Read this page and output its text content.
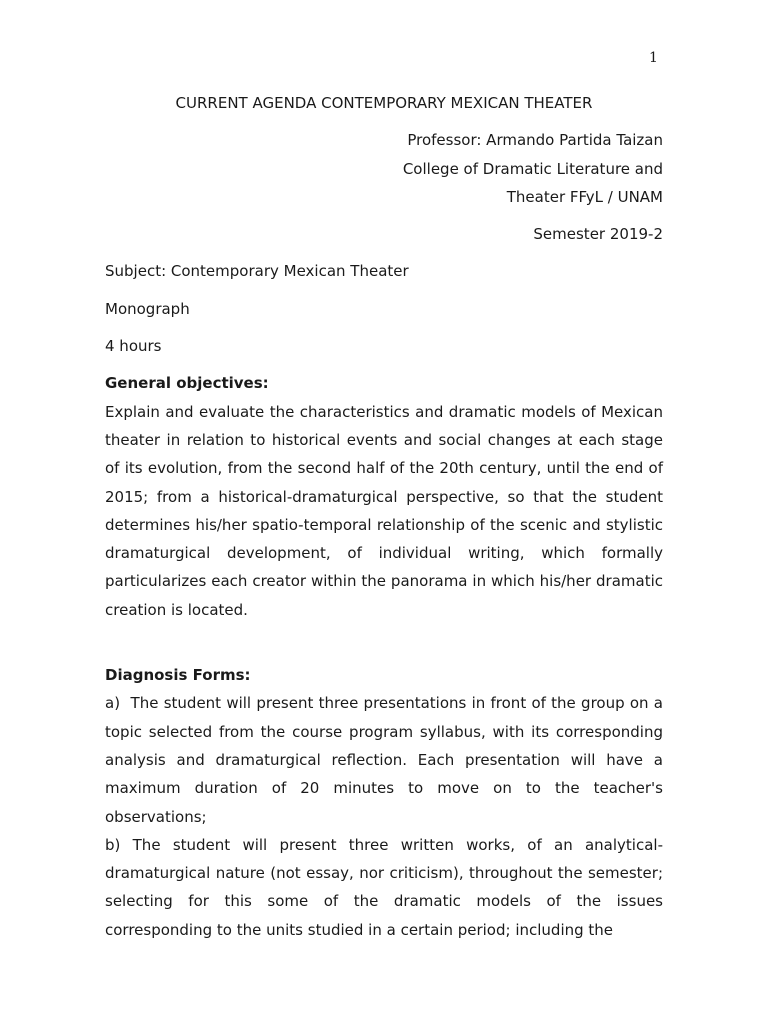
1

CURRENT AGENDA CONTEMPORARY MEXICAN THEATER

Professor: Armando Partida Taizan

College of Dramatic Literature and

Theater FFyL / UNAM

Semester 2019-2

Subject: Contemporary Mexican Theater

Monograph

4 hours

General objectives:

Explain and evaluate the characteristics and dramatic models of Mexican theater in relation to historical events and social changes at each stage of its evolution, from the second half of the 20th century, until the end of 2015; from a historical-dramaturgical perspective, so that the student determines his/her spatio-temporal relationship of the scenic and stylistic dramaturgical development, of individual writing, which formally particularizes each creator within the panorama in which his/her dramatic creation is located.

Diagnosis Forms:

a)  The student will present three presentations in front of the group on a topic selected from the course program syllabus, with its corresponding analysis and dramaturgical reflection. Each presentation will have a maximum duration of 20 minutes to move on to the teacher's observations;

b) The student will present three written works, of an analytical-dramaturgical nature (not essay, nor criticism), throughout the semester; selecting for this some of the dramatic models of the issues corresponding to the units studied in a certain period; including the
